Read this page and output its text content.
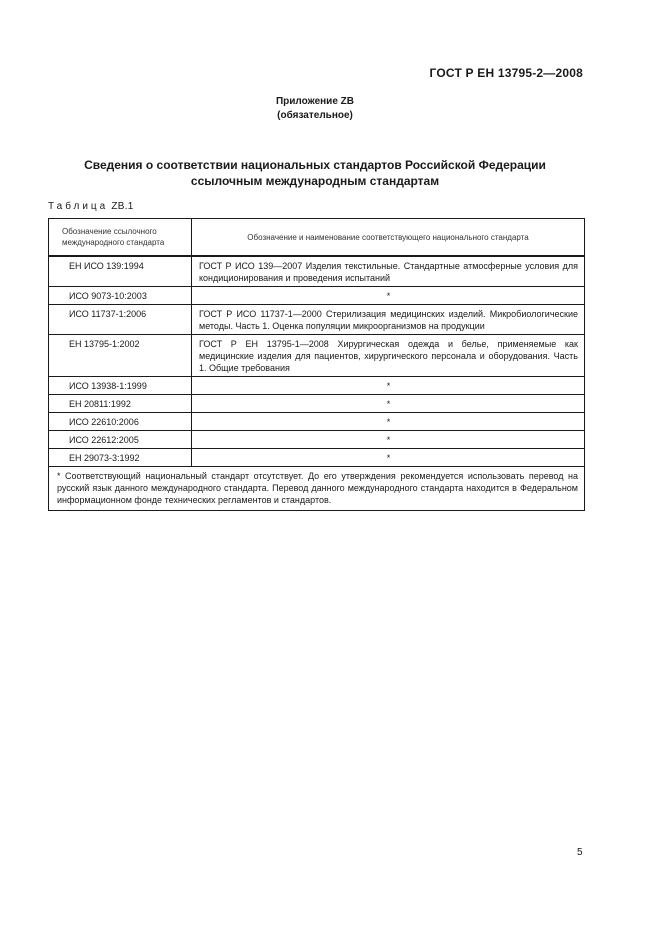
ГОСТ Р ЕН 13795-2—2008
Приложение ZB
(обязательное)
Сведения о соответствии национальных стандартов Российской Федерации
ссылочным международным стандартам
Таблица ZB.1
Обозначение ссылочного международного стандарта	Обозначение и наименование соответствующего национального стандарта
ЕН ИСО 139:1994	ГОСТ Р ИСО 139—2007 Изделия текстильные. Стандартные атмосферные условия для кондиционирования и проведения испытаний
ИСО 9073-10:2003	*
ИСО 11737-1:2006	ГОСТ Р ИСО 11737-1—2000 Стерилизация медицинских изделий. Микробиологические методы. Часть 1. Оценка популяции микроорганизмов на продукции
ЕН 13795-1:2002	ГОСТ Р ЕН 13795-1—2008 Хирургическая одежда и белье, применяемые как медицинские изделия для пациентов, хирургического персонала и оборудования. Часть 1. Общие требования
ИСО 13938-1:1999	*
ЕН 20811:1992	*
ИСО 22610:2006	*
ИСО 22612:2005	*
ЕН 29073-3:1992	*
* Соответствующий национальный стандарт отсутствует. До его утверждения рекомендуется использовать перевод на русский язык данного международного стандарта. Перевод данного международного стандарта находится в Федеральном информационном фонде технических регламентов и стандартов.	
5
